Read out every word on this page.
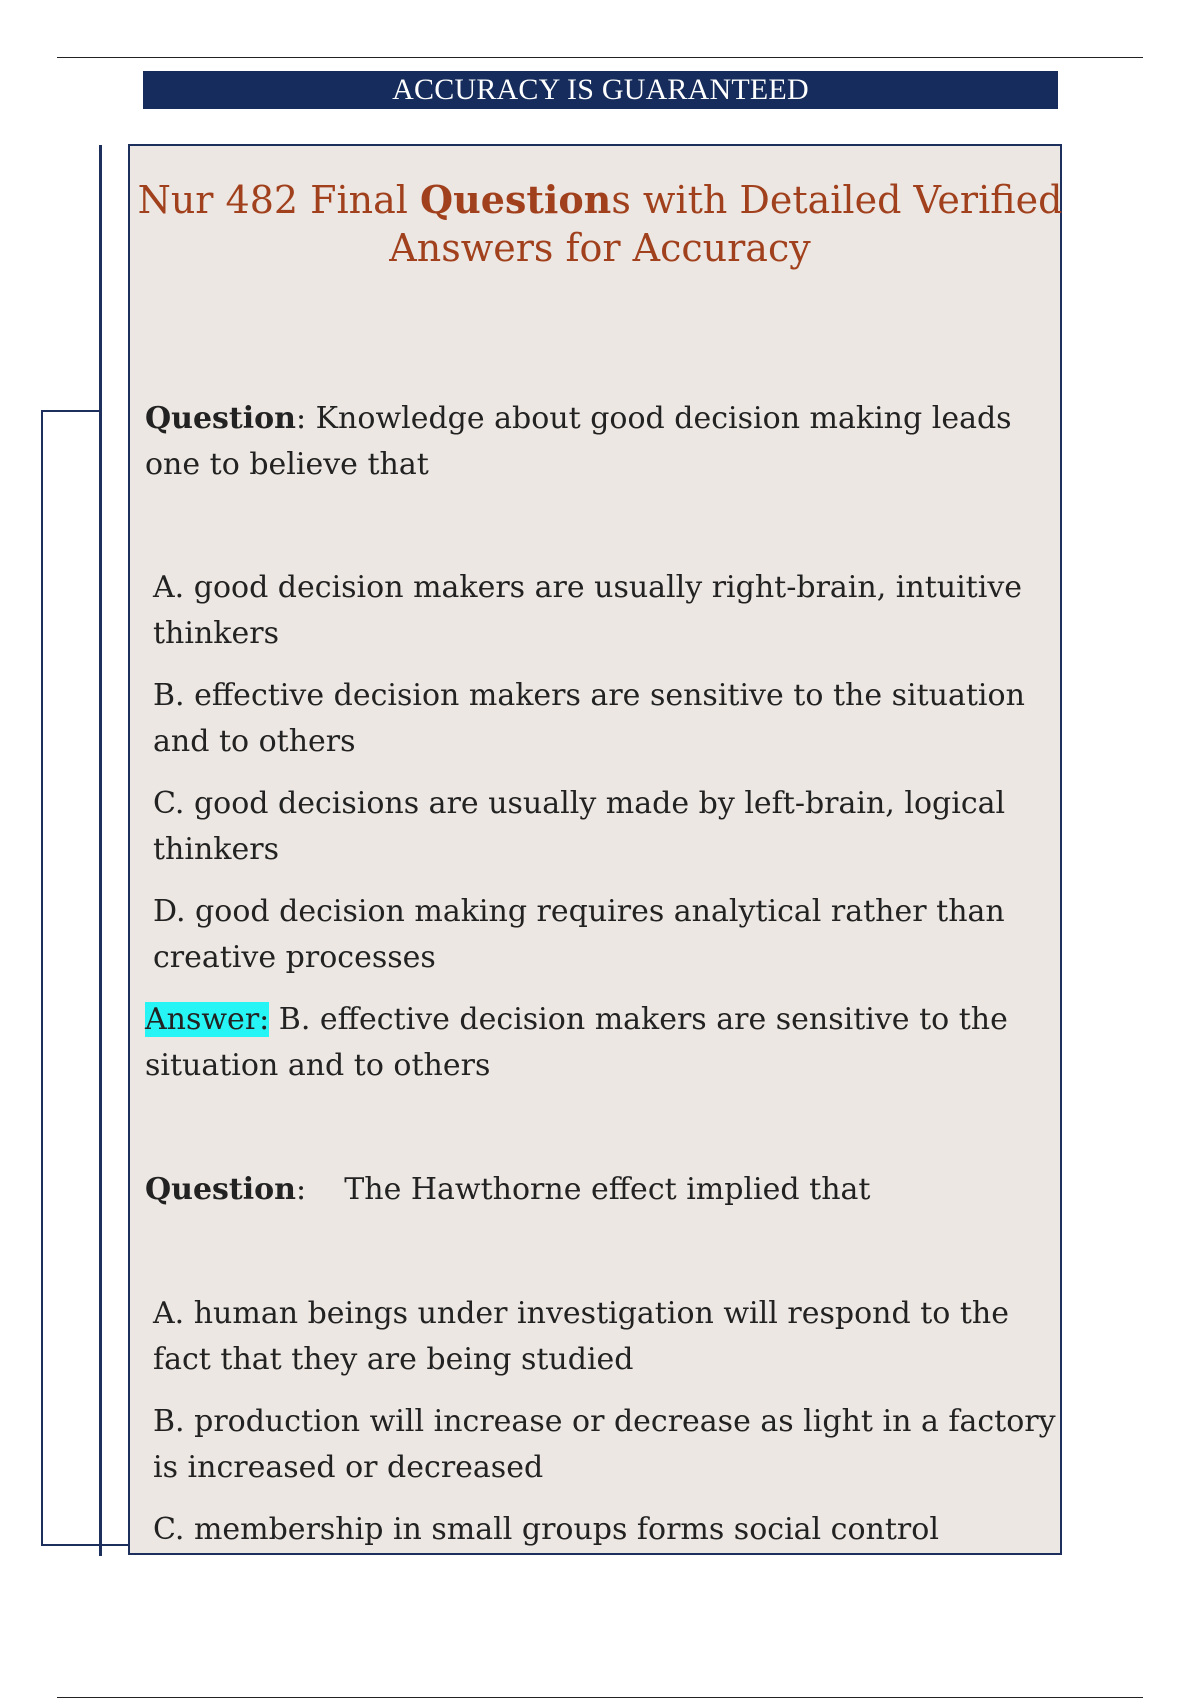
ACCURACY IS GUARANTEED
Nur 482 Final Questions with Detailed Verified
Answers for Accuracy

Question: Knowledge about good decision making leads one to believe that

A. good decision makers are usually right-brain, intuitive thinkers

B. effective decision makers are sensitive to the situation and to others

C. good decisions are usually made by left-brain, logical thinkers

D. good decision making requires analytical rather than creative processes

Answer: B. effective decision makers are sensitive to the situation and to others

Question:    The Hawthorne effect implied that

A. human beings under investigation will respond to the fact that they are being studied

B. production will increase or decrease as light in a factory is increased or decreased

C. membership in small groups forms social control
